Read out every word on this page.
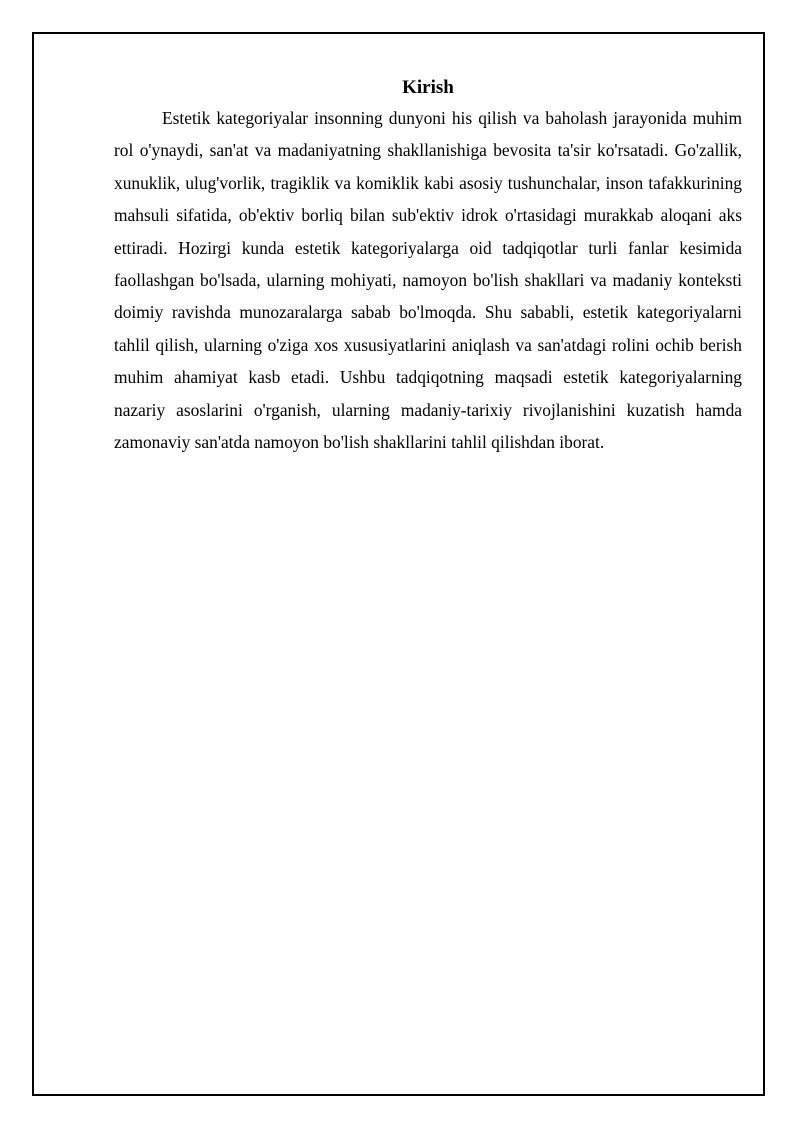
Kirish

Estetik kategoriyalar insonning dunyoni his qilish va baholash jarayonida muhim rol o'ynaydi, san'at va madaniyatning shakllanishiga bevosita ta'sir ko'rsatadi. Go'zallik, xunuklik, ulug'vorlik, tragiklik va komiklik kabi asosiy tushunchalar, inson tafakkurining mahsuli sifatida, ob'ektiv borliq bilan sub'ektiv idrok o'rtasidagi murakkab aloqani aks ettiradi. Hozirgi kunda estetik kategoriyalarga oid tadqiqotlar turli fanlar kesimida faollashgan bo'lsada, ularning mohiyati, namoyon bo'lish shakllari va madaniy konteksti doimiy ravishda munozaralarga sabab bo'lmoqda. Shu sababli, estetik kategoriyalarni tahlil qilish, ularning o'ziga xos xususiyatlarini aniqlash va san'atdagi rolini ochib berish muhim ahamiyat kasb etadi. Ushbu tadqiqotning maqsadi estetik kategoriyalarning nazariy asoslarini o'rganish, ularning madaniy-tarixiy rivojlanishini kuzatish hamda zamonaviy san'atda namoyon bo'lish shakllarini tahlil qilishdan iborat.
